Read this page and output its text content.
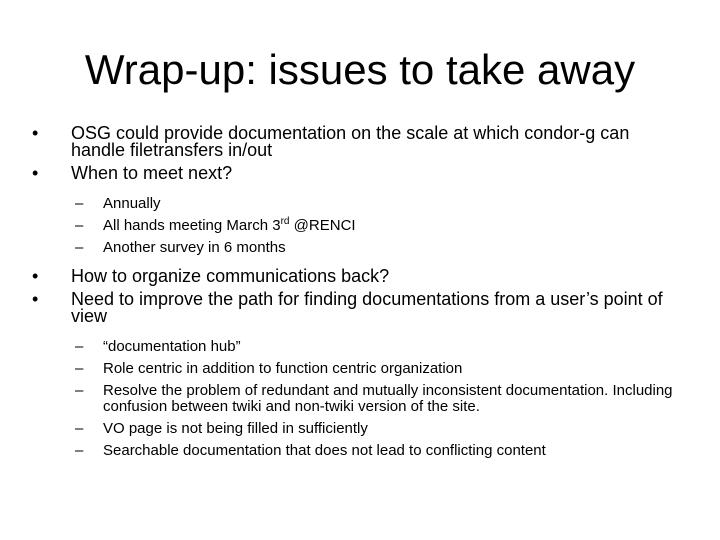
Wrap-up: issues to take away
• OSG could provide documentation on the scale at which condor-g can handle filetransfers in/out
• When to meet next?
– Annually
– All hands meeting March 3rd @RENCI
– Another survey in 6 months
• How to organize communications back?
• Need to improve the path for finding documentations from a user’s point of view
– “documentation hub”
– Role centric in addition to function centric organization
– Resolve the problem of redundant and mutually inconsistent documentation. Including confusion between twiki and non-twiki version of the site.
– VO page is not being filled in sufficiently
– Searchable documentation that does not lead to conflicting content
